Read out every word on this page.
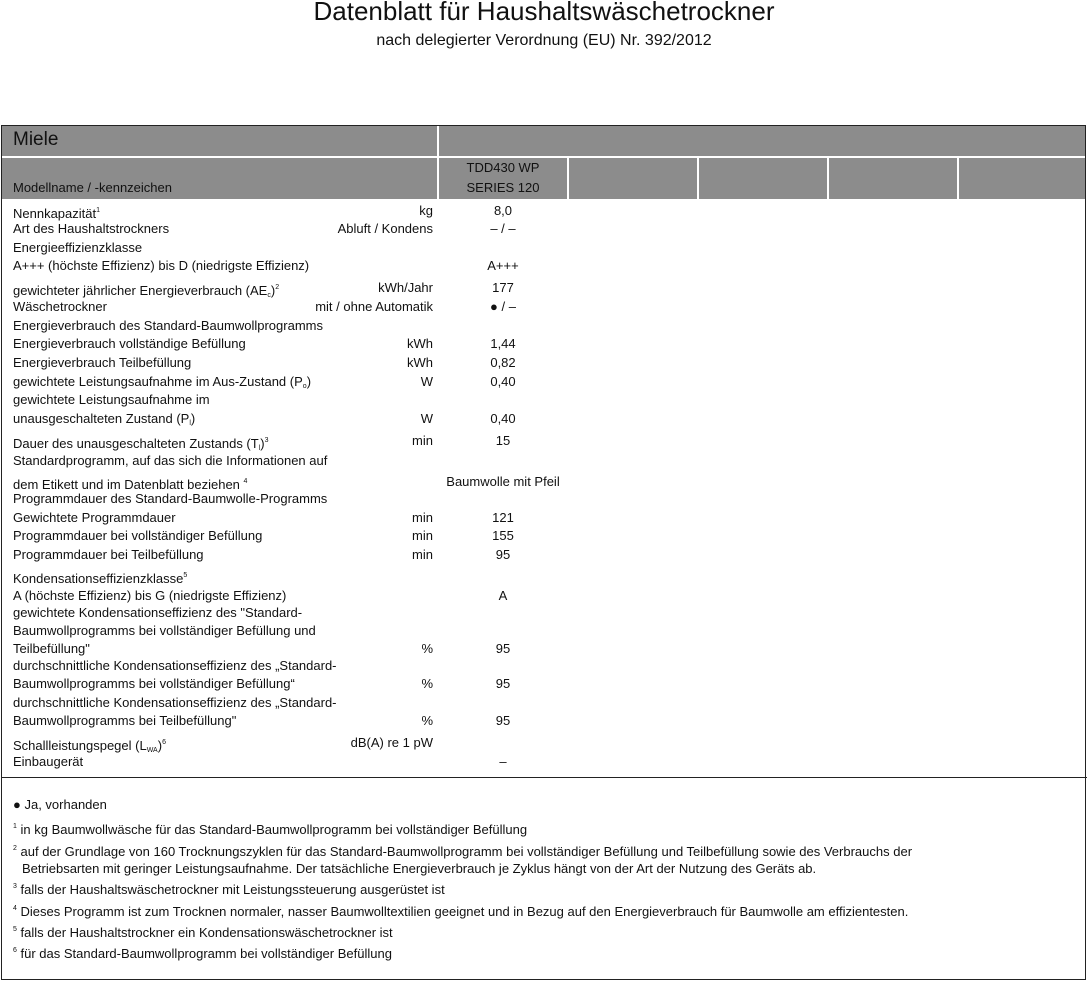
Datenblatt für Haushaltswäschetrockner
nach delegierter Verordnung (EU) Nr. 392/2012
Miele
Modellname / -kennzeichen
TDD430 WP
SERIES 120
Nennkapazität$^1$	kg	8,0
Art des Haushaltstrockners	Abluft / Kondens	– / –
Energieeffizienzklasse
A+++ (höchste Effizienz) bis D (niedrigste Effizienz)	A+++
gewichteter jährlicher Energieverbrauch $(AE_c)^2$	kWh/Jahr	177
Wäschetrockner	mit / ohne Automatik	● / –
Energieverbrauch des Standard-Baumwollprogramms
Energieverbrauch vollständige Befüllung	kWh	1,44
Energieverbrauch Teilbefüllung	kWh	0,82
gewichtete Leistungsaufnahme im Aus-Zustand $(P_o)$	W	0,40
gewichtete Leistungsaufnahme im
unausgeschalteten Zustand $(P_l)$	W	0,40
Dauer des unausgeschalteten Zustands $(T_l)^3$	min	15
Standardprogramm, auf das sich die Informationen auf
dem Etikett und im Datenblatt beziehen $^4$	Baumwolle mit Pfeil
Programmdauer des Standard-Baumwolle-Programms
Gewichtete Programmdauer	min	121
Programmdauer bei vollständiger Befüllung	min	155
Programmdauer bei Teilbefüllung	min	95
Kondensationseffizienzklasse$^5$
A (höchste Effizienz) bis G (niedrigste Effizienz)	A
gewichtete Kondensationseffizienz des "Standard-
Baumwollprogramms bei vollständiger Befüllung und
Teilbefüllung"	%	95
durchschnittliche Kondensationseffizienz des „Standard-
Baumwollprogramms bei vollständiger Befüllung“	%	95
durchschnittliche Kondensationseffizienz des „Standard-
Baumwollprogramms bei Teilbefüllung"	%	95
Schallleistungspegel $(L_{WA})^6$	dB(A) re 1 pW
Einbaugerät	–
● Ja, vorhanden
$^1$ in kg Baumwollwäsche für das Standard-Baumwollprogramm bei vollständiger Befüllung
$^2$ auf der Grundlage von 160 Trocknungszyklen für das Standard-Baumwollprogramm bei vollständiger Befüllung und Teilbefüllung sowie des Verbrauchs der
Betriebsarten mit geringer Leistungsaufnahme. Der tatsächliche Energieverbrauch je Zyklus hängt von der Art der Nutzung des Geräts ab.
$^3$ falls der Haushaltswäschetrockner mit Leistungssteuerung ausgerüstet ist
$^4$ Dieses Programm ist zum Trocknen normaler, nasser Baumwolltextilien geeignet und in Bezug auf den Energieverbrauch für Baumwolle am effizientesten.
$^5$ falls der Haushaltstrockner ein Kondensationswäschetrockner ist
$^6$ für das Standard-Baumwollprogramm bei vollständiger Befüllung
